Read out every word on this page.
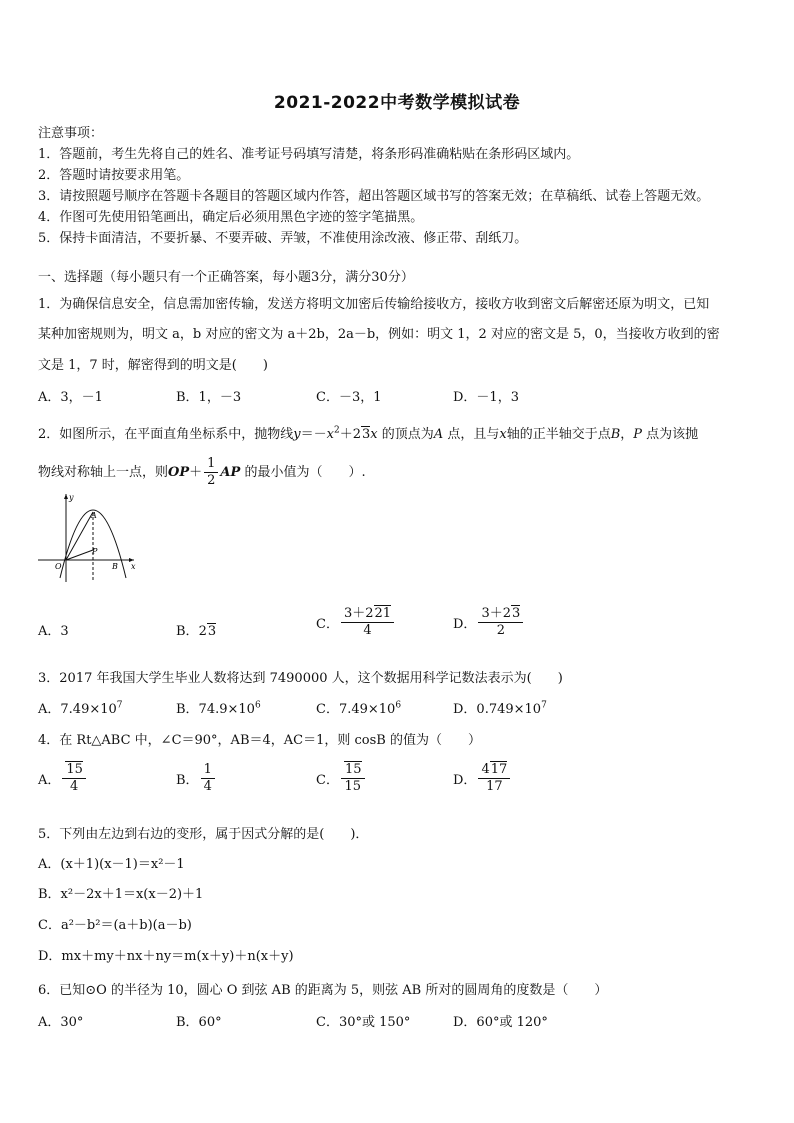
2021-2022中考数学模拟试卷
注意事项：
1．答题前，考生先将自己的姓名、准考证号码填写清楚，将条形码准确粘贴在条形码区域内。
2．答题时请按要求用笔。
3．请按照题号顺序在答题卡各题目的答题区域内作答，超出答题区域书写的答案无效；在草稿纸、试卷上答题无效。
4．作图可先使用铅笔画出，确定后必须用黑色字迹的签字笔描黑。
5．保持卡面清洁，不要折暴、不要弄破、弄皱，不准使用涂改液、修正带、刮纸刀。
一、选择题（每小题只有一个正确答案，每小题3分，满分30分）
1．为确保信息安全，信息需加密传输，发送方将明文加密后传输给接收方，接收方收到密文后解密还原为明文，已知
某种加密规则为，明文 a，b 对应的密文为 a＋2b，2a－b，例如：明文 1，2 对应的密文是 5，0，当接收方收到的密
文是 1，7 时，解密得到的明文是(　　)
A．3，－1	B．1，－3	C．－3，1	D．－1，3
2．如图所示，在平面直角坐标系中，抛物线$y=-x^2+23x$ 的顶点为A 点，且与x轴的正半轴交于点B，P 点为该抛
物线对称轴上一点，则$OP+ \frac{1}{2}$ AP 的最小值为（　　）.
y
A
P
O	B x
A．3	B．23	C． $\frac{3+221}{4}$	D． $\frac{3+23}{2}$
3．2017 年我国大学生毕业人数将达到 7490000 人，这个数据用科学记数法表示为(　　)
A．$7.49\times 10^7$	B．$74.9\times 10^6$	C．$7.49\times 10^6$	D．$0.749\times 10^7$
4．在 Rt△ABC 中，∠C＝90°，AB＝4，AC＝1，则 cosB 的值为（　　）
A． $\frac{15}{4}$	B． $\frac{1}{4}$	C． $\frac{15}{15}$	D． $\frac{417}{17}$
5．下列由左边到右边的变形，属于因式分解的是(　　)．
A．(x＋1)(x－1)＝x²－1
B．x²－2x＋1＝x(x－2)＋1
C．a²－b²＝(a＋b)(a－b)
D．mx＋my＋nx＋ny＝m(x＋y)＋n(x＋y)
6．已知⊙O 的半径为 10，圆心 O 到弦 AB 的距离为 5，则弦 AB 所对的圆周角的度数是（　　）
A．30°	B．60°	C．30°或 150°	D．60°或 120°
